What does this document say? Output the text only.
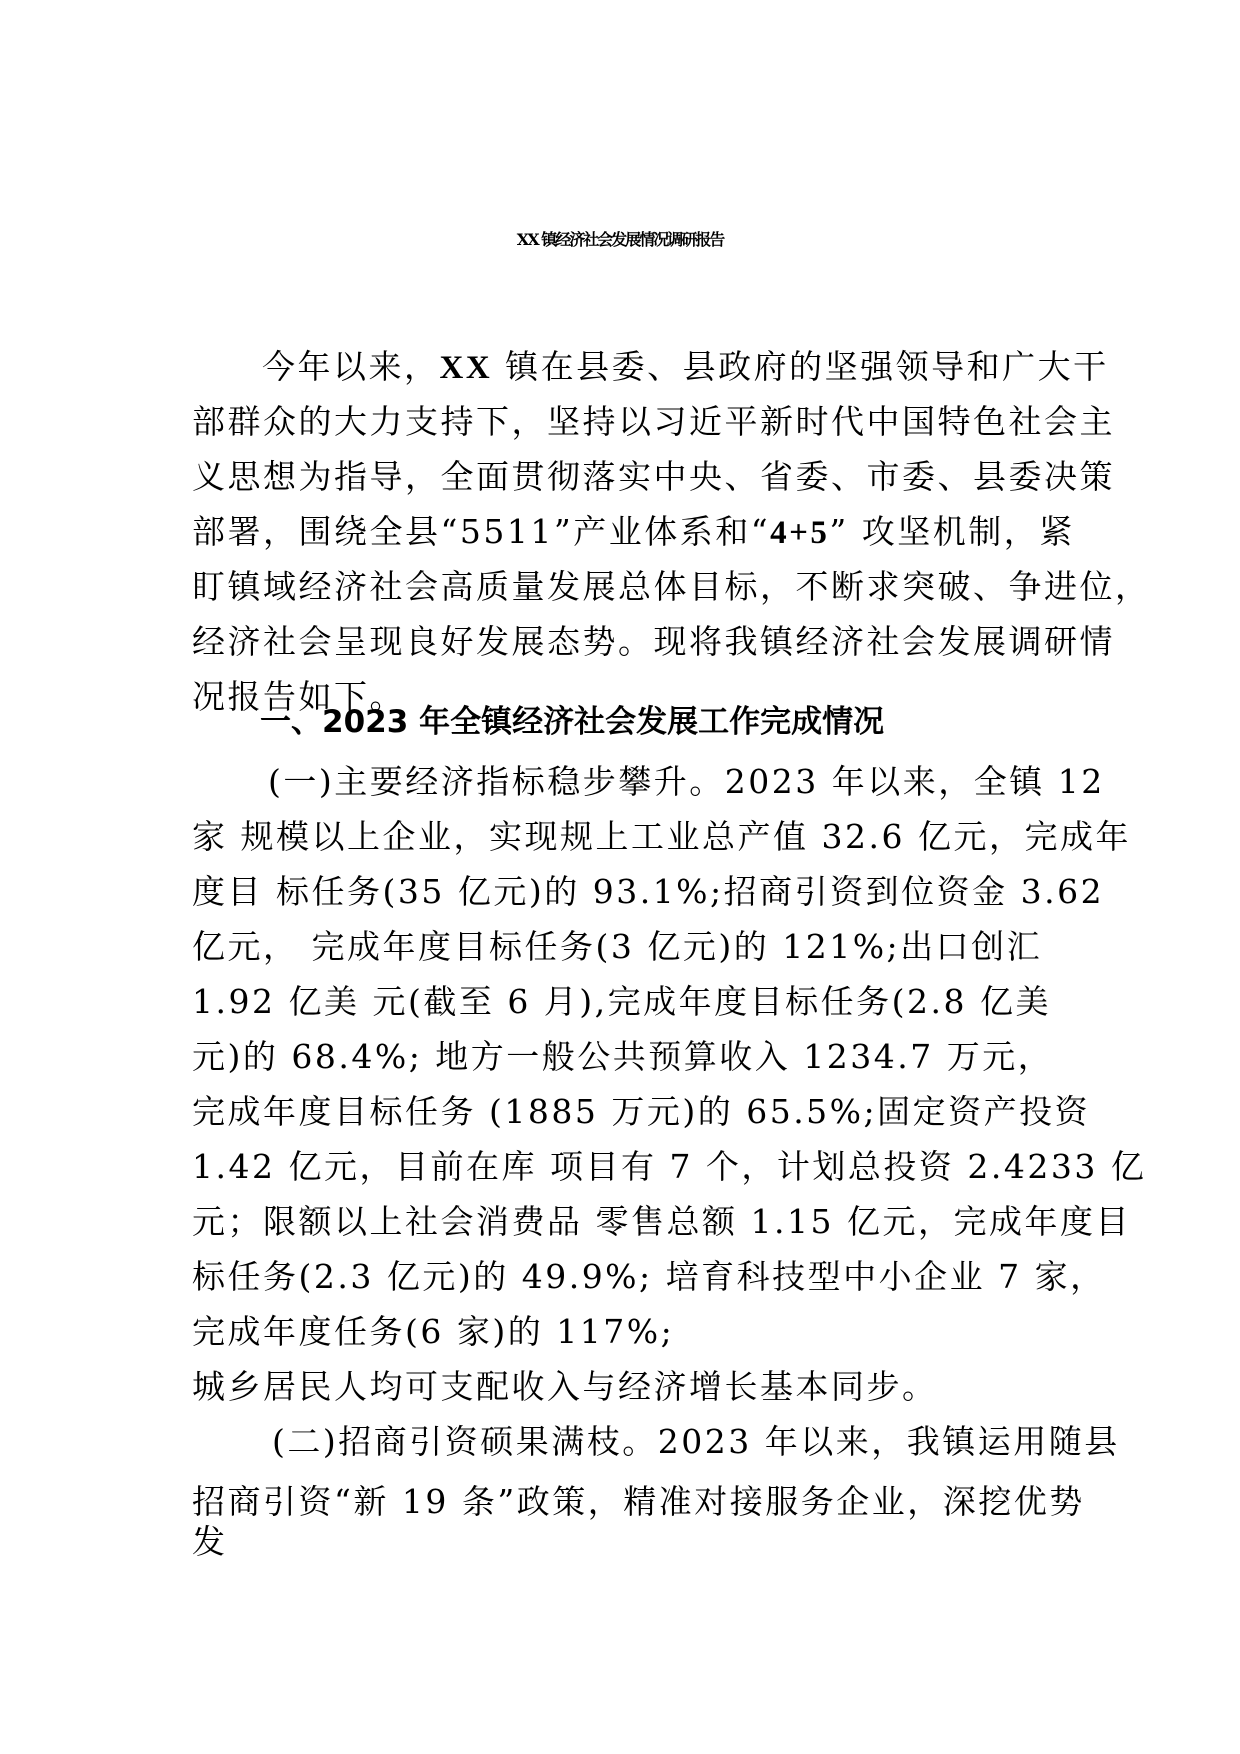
XX 镇经济社会发展情况调研报告
今年以来，XX 镇在县委、县政府的坚强领导和广大干
部群众的大力支持下，坚持以习近平新时代中国特色社会主
义思想为指导，全面贯彻落实中央、省委、市委、县委决策
部署，围绕全县“5511”产业体系和“4+5” 攻坚机制，紧
盯镇域经济社会高质量发展总体目标，不断求突破、争进位，
经济社会呈现良好发展态势。现将我镇经济社会发展调研情
况报告如下。
一、2023 年全镇经济社会发展工作完成情况
(一)主要经济指标稳步攀升。2023 年以来，全镇 12
家 规模以上企业，实现规上工业总产值 32.6 亿元，完成年
度目 标任务(35 亿元)的 93.1%;招商引资到位资金 3.62
亿元， 完成年度目标任务(3 亿元)的 121%;出口创汇
1.92 亿美 元(截至 6 月),完成年度目标任务(2.8 亿美
元)的 68.4%; 地方一般公共预算收入 1234.7 万元，
完成年度目标任务 (1885 万元)的 65.5%;固定资产投资
1.42 亿元，目前在库 项目有 7 个，计划总投资 2.4233 亿
元；限额以上社会消费品 零售总额 1.15 亿元，完成年度目
标任务(2.3 亿元)的 49.9%; 培育科技型中小企业 7 家，
完成年度任务(6 家)的 117%;
城乡居民人均可支配收入与经济增长基本同步。
(二)招商引资硕果满枝。2023 年以来，我镇运用随县
招商引资“新 19 条”政策，精准对接服务企业，深挖优势
发
